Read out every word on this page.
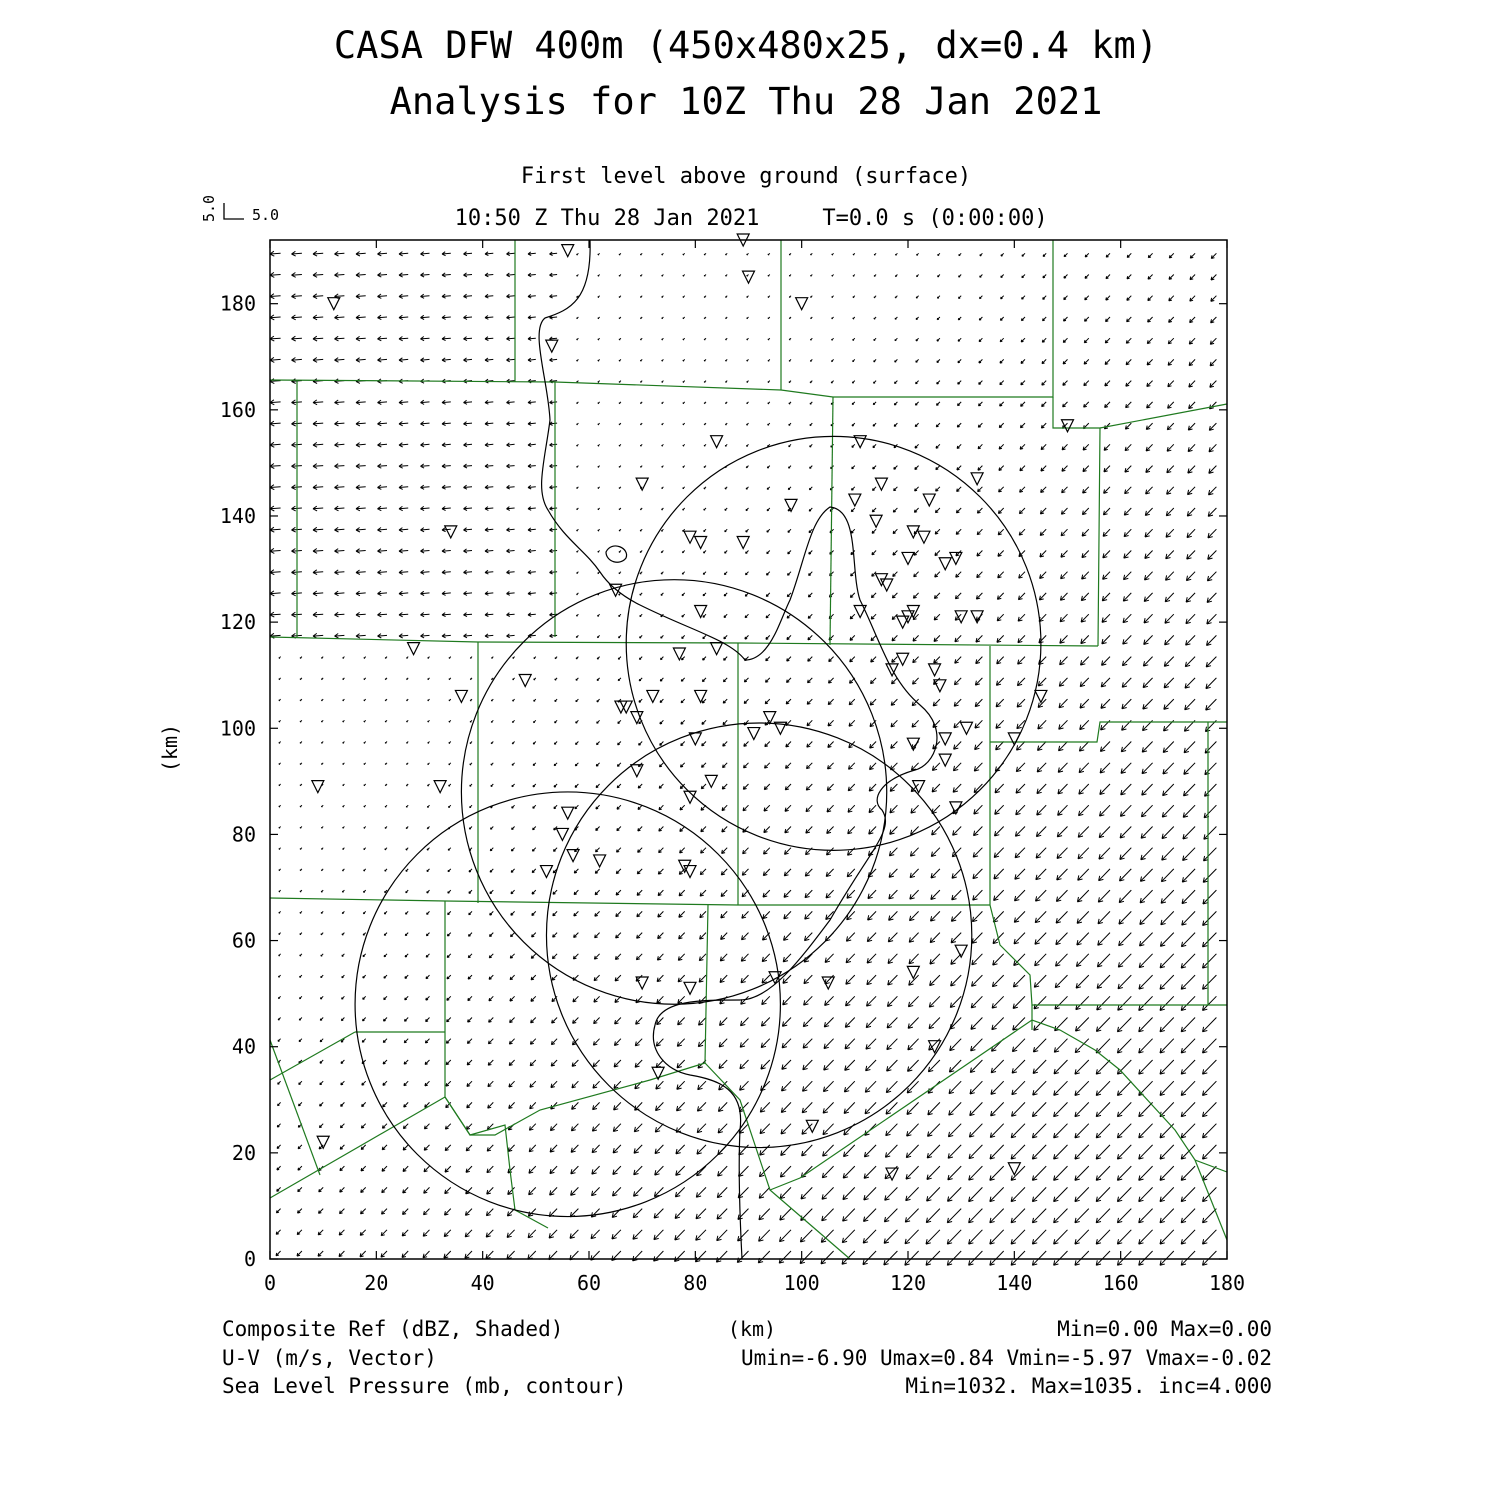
CASA DFW 400m (450x480x25, dx=0.4 km)
Analysis for 10Z Thu 28 Jan 2021
First level above ground (surface)
10:50 Z Thu 28 Jan 2021	T=0.0 s (0:00:00)
5.0 5.0
(km)
(km)
0	20	40	60	80	100	120	140	160	180
0
20
40
60
80
100
120
140
160
180
Composite Ref (dBZ, Shaded)	Min=0.00 Max=0.00
U-V (m/s, Vector)	Umin=-6.90 Umax=0.84 Vmin=-5.97 Vmax=-0.02
Sea Level Pressure (mb, contour)	Min=1032. Max=1035. inc=4.000
